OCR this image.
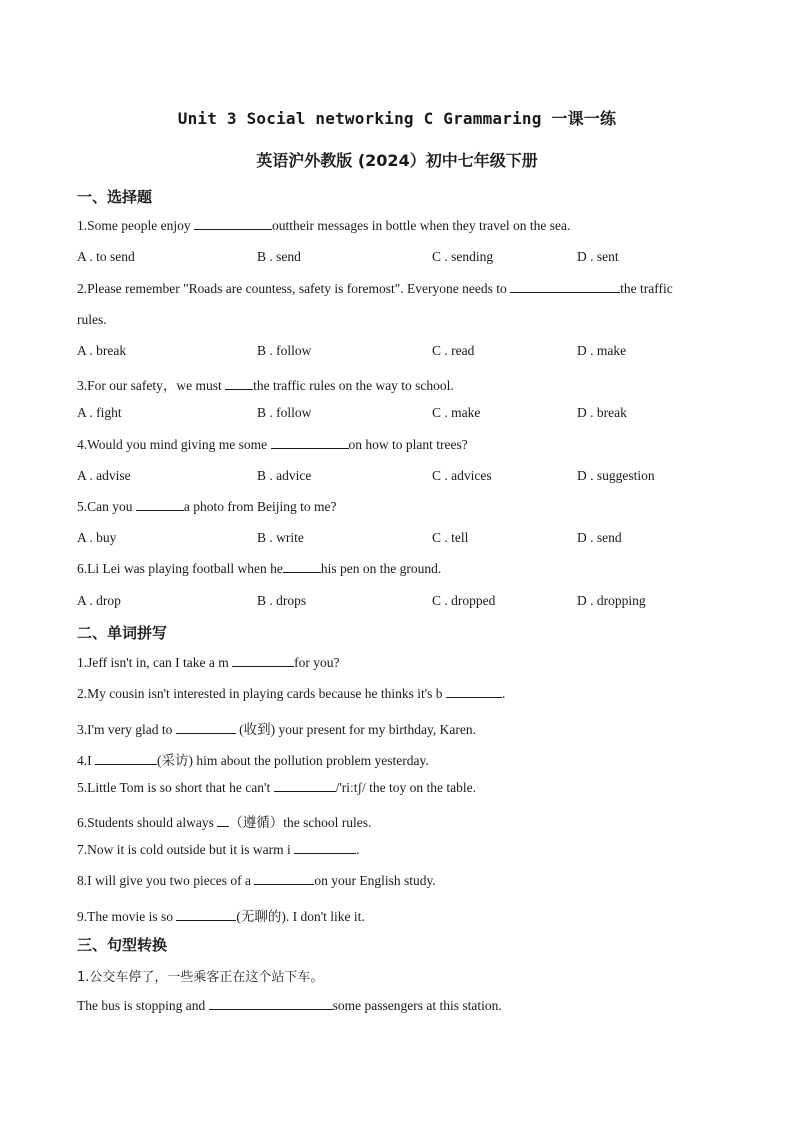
Unit 3 Social networking C Grammaring 一课一练
英语沪外教版 (2024）初中七年级下册
一、选择题
1.Some people enjoy	outtheir messages in bottle when they travel on the sea.
A . to send	B . send	C . sending	D . sent
2.Please remember "Roads are countess, safety is foremost". Everyone needs to	the traffic
rules.
A . break	B . follow	C . read	D . make
3.For our safety，we must the traffic rules on the way to school.
A . fight	B . follow	C . make	D . break
4.Would you mind giving me some	on how to plant trees?
A . advise	B . advice	C . advices	D . suggestion
5.Can you	a photo from Beijing to me?
A . buy	B . write	C . tell	D . send
6.Li Lei was playing football when he	his pen on the ground.
A . drop	B . drops	C . dropped	D . dropping
二、单词拼写
1.Jeff isn't in, can I take a m	for you?
2.My cousin isn't interested in playing cards because he thinks it's b	.
3.I'm very glad to	(收到) your present for my birthday, Karen.
4.I	(采访) him about the pollution problem yesterday.
5.Little Tom is so short that he can't	/'riːtʃ/ the toy on the table.
6.Students should always （遵循）the school rules.
7.Now it is cold outside but it is warm i	.
8.I will give you two pieces of a	on your English study.
9.The movie is so	(无聊的). I don't like it.
三、句型转换
1.公交车停了，一些乘客正在这个站下车。
The bus is stopping and	some passengers at this station.
